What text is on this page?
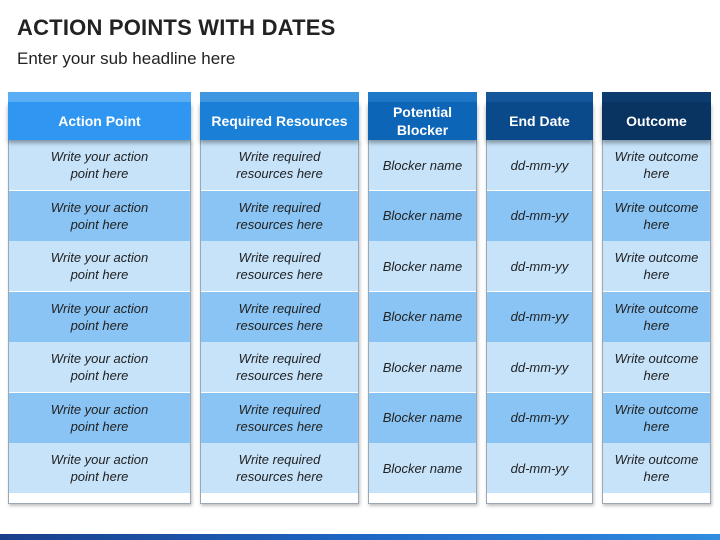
ACTION POINTS WITH DATES
Enter your sub headline here
Action Point
Write your action
point here
Write your action
point here
Write your action
point here
Write your action
point here
Write your action
point here
Write your action
point here
Write your action
point here
Required Resources
Write required
resources here
Write required
resources here
Write required
resources here
Write required
resources here
Write required
resources here
Write required
resources here
Write required
resources here
Potential
Blocker
Blocker name
Blocker name
Blocker name
Blocker name
Blocker name
Blocker name
Blocker name
End Date
dd-mm-yy
dd-mm-yy
dd-mm-yy
dd-mm-yy
dd-mm-yy
dd-mm-yy
dd-mm-yy
Outcome
Write outcome
here
Write outcome
here
Write outcome
here
Write outcome
here
Write outcome
here
Write outcome
here
Write outcome
here
